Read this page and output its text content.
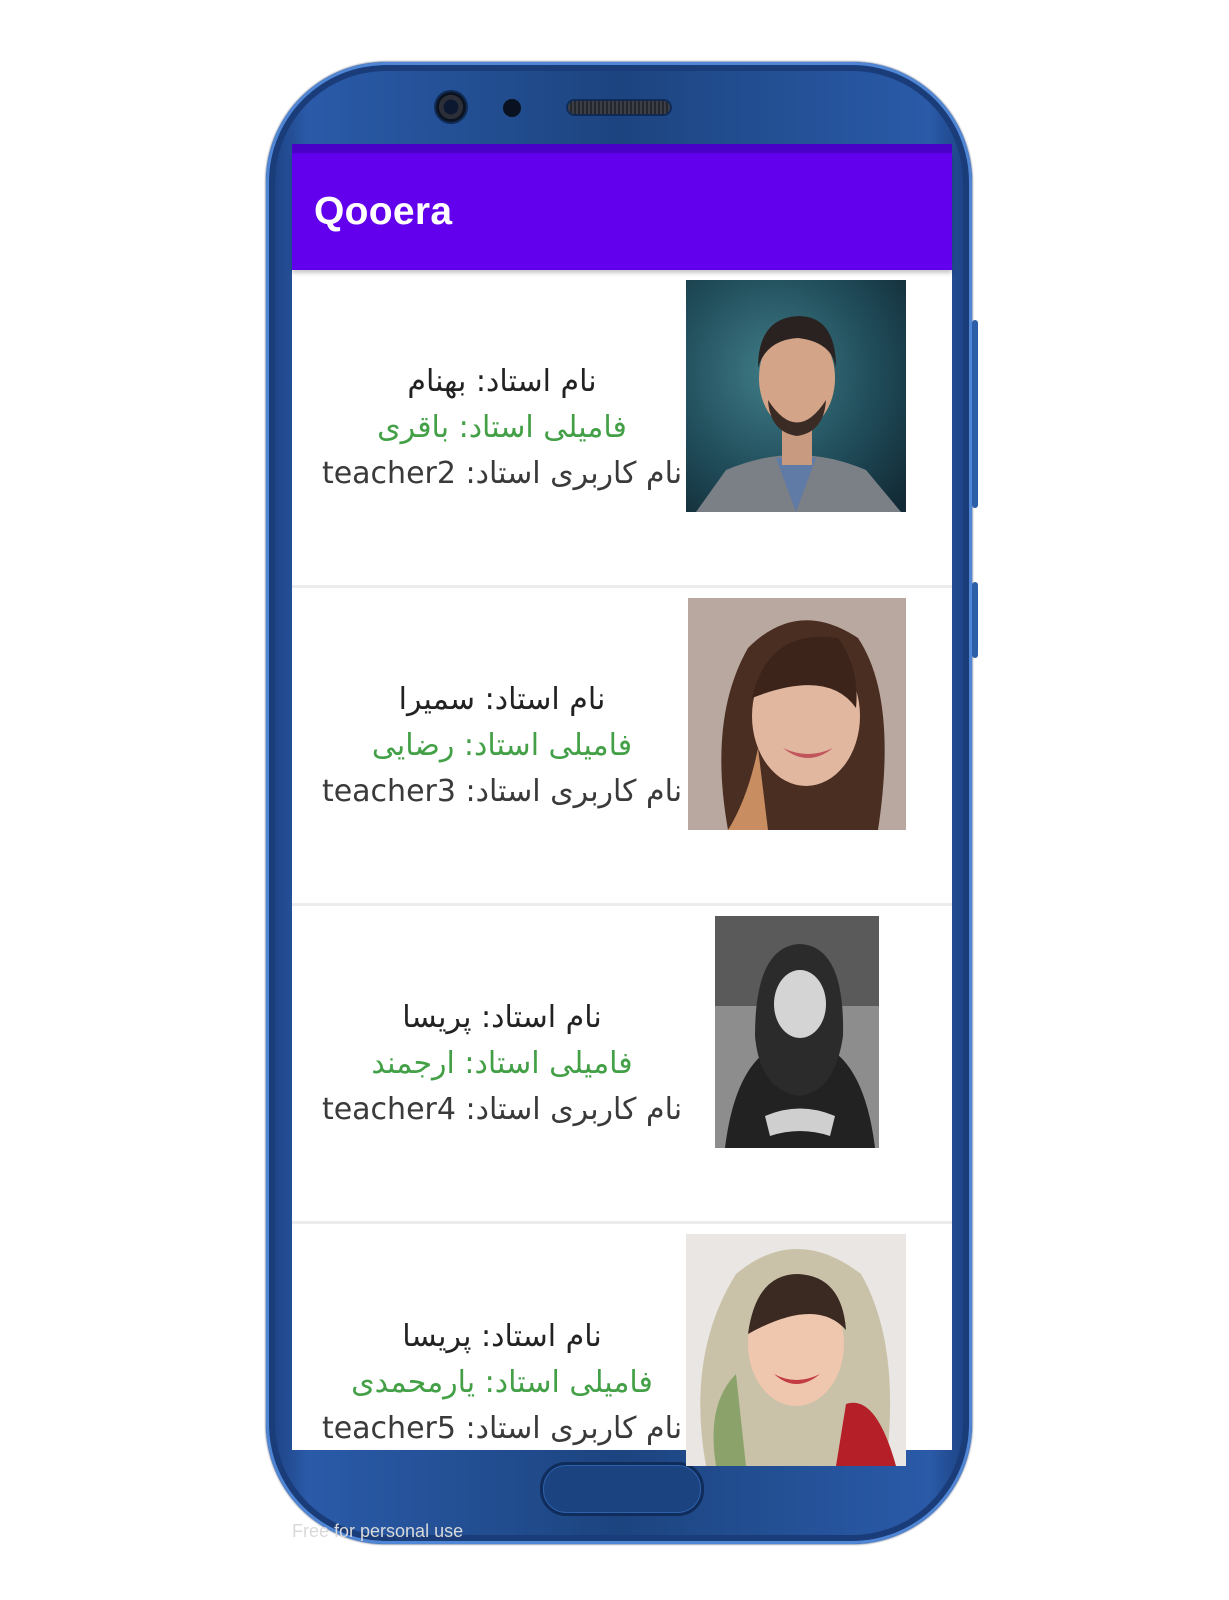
Qooera
نام استاد: بهنام
فامیلی استاد: باقری
نام کاربری استاد: teacher2
نام استاد: سمیرا
فامیلی استاد: رضایی
نام کاربری استاد: teacher3
نام استاد: پریسا
فامیلی استاد: ارجمند
نام کاربری استاد: teacher4
نام استاد: پریسا
فامیلی استاد: یارمحمدی
نام کاربری استاد: teacher5
Free for personal use
